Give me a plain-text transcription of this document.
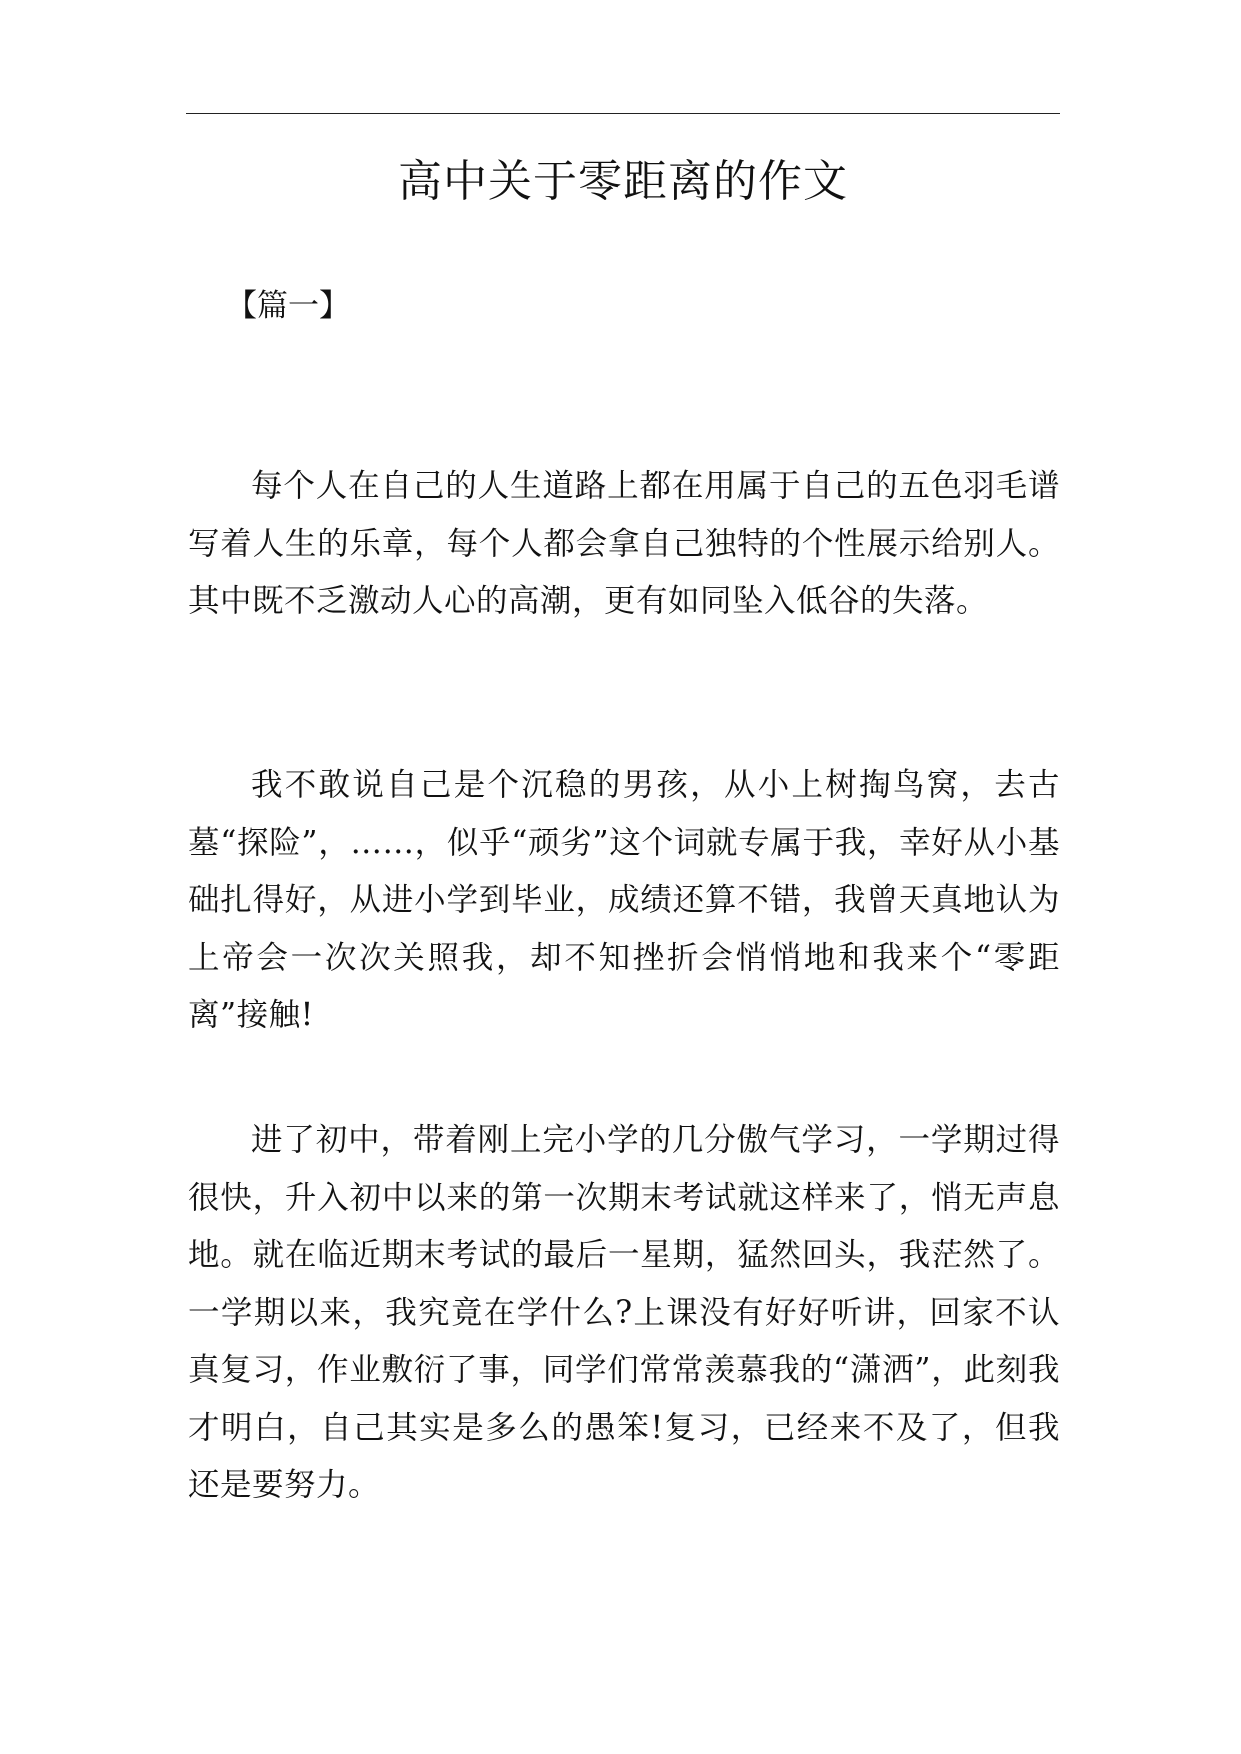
高中关于零距离的作文
【篇一】

每个人在自己的人生道路上都在用属于自己的五色羽毛谱写着人生的乐章，每个人都会拿自己独特的个性展示给别人。其中既不乏激动人心的高潮，更有如同坠入低谷的失落。

我不敢说自己是个沉稳的男孩，从小上树掏鸟窝，去古墓“探险”，……，似乎“顽劣”这个词就专属于我，幸好从小基础扎得好，从进小学到毕业，成绩还算不错，我曾天真地认为上帝会一次次关照我，却不知挫折会悄悄地和我来个“零距离”接触!

进了初中，带着刚上完小学的几分傲气学习，一学期过得很快，升入初中以来的第一次期末考试就这样来了，悄无声息地。就在临近期末考试的最后一星期，猛然回头，我茫然了。一学期以来，我究竟在学什么?上课没有好好听讲，回家不认真复习，作业敷衍了事，同学们常常羡慕我的“潇洒”，此刻我才明白，自己其实是多么的愚笨!复习，已经来不及了，但我还是要努力。
